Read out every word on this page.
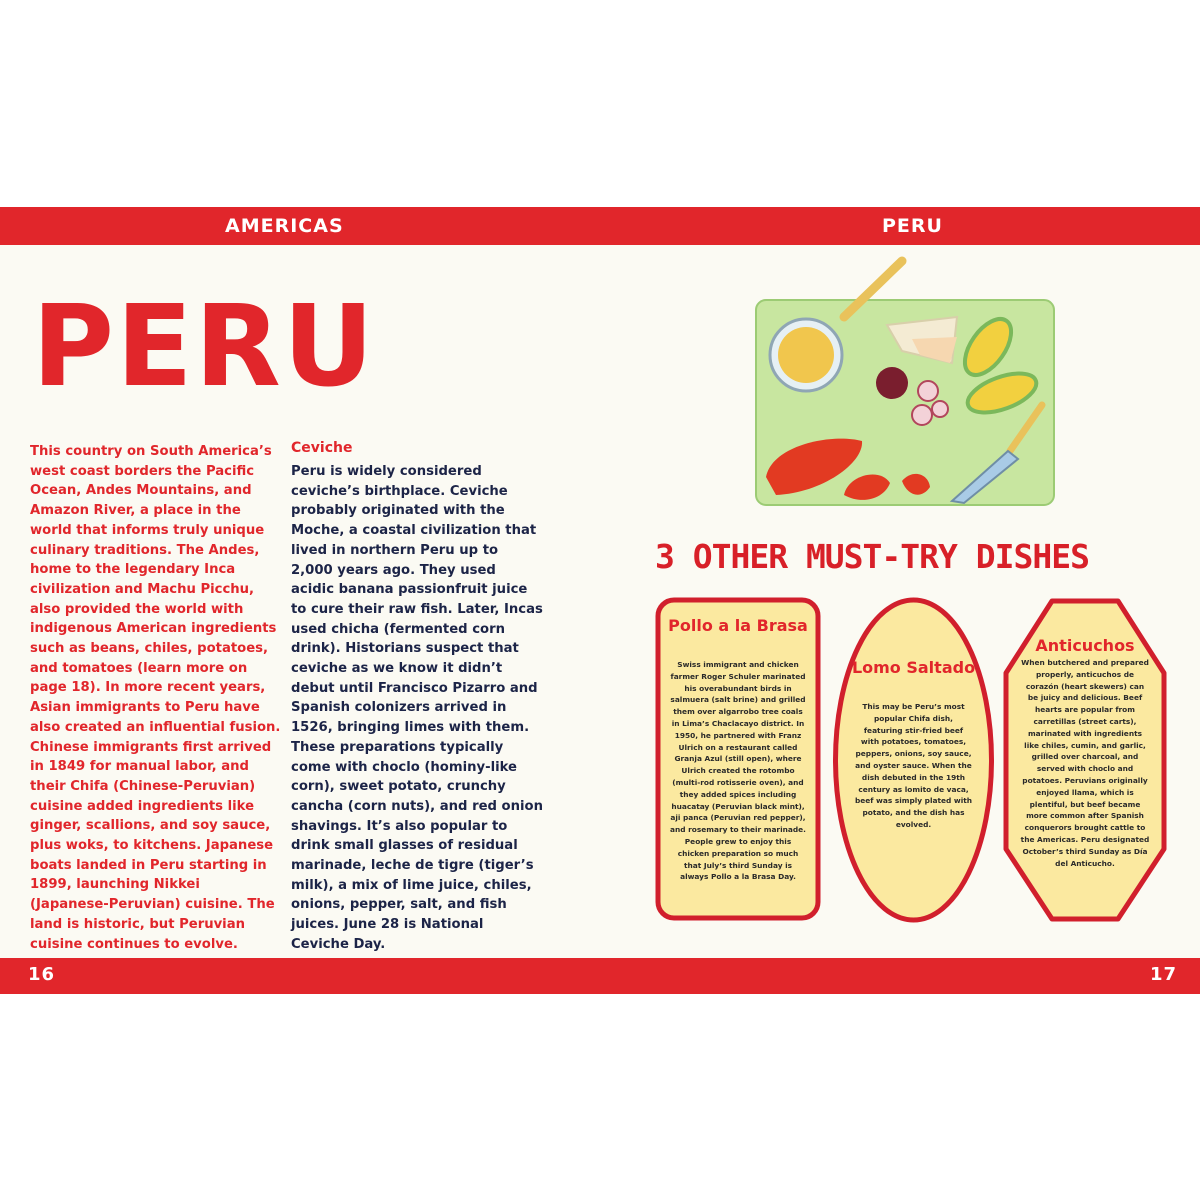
AMERICAS	PERU
PERU

This country on South America’s west coast borders the Pacific Ocean, Andes Mountains, and Amazon River, a place in the world that informs truly unique culinary traditions. The Andes, home to the legendary Inca civilization and Machu Picchu, also provided the world with indigenous American ingredients such as beans, chiles, potatoes, and tomatoes (learn more on page 18). In more recent years, Asian immigrants to Peru have also created an influential fusion. Chinese immigrants first arrived in 1849 for manual labor, and their Chifa (Chinese-Peruvian) cuisine added ingredients like ginger, scallions, and soy sauce, plus woks, to kitchens. Japanese boats landed in Peru starting in 1899, launching Nikkei (Japanese-Peruvian) cuisine. The land is historic, but Peruvian cuisine continues to evolve.

Ceviche

Peru is widely considered ceviche’s birthplace. Ceviche probably originated with the Moche, a coastal civilization that lived in northern Peru up to 2,000 years ago. They used acidic banana passionfruit juice to cure their raw fish. Later, Incas used chicha (fermented corn drink). Historians suspect that ceviche as we know it didn’t debut until Francisco Pizarro and Spanish colonizers arrived in 1526, bringing limes with them. These preparations typically come with choclo (hominy-like corn), sweet potato, crunchy cancha (corn nuts), and red onion shavings. It’s also popular to drink small glasses of residual marinade, leche de tigre (tiger’s milk), a mix of lime juice, chiles, onions, pepper, salt, and fish juices. June 28 is National Ceviche Day.

3 OTHER MUST-TRY DISHES
Pollo a la Brasa

Swiss immigrant and chicken farmer Roger Schuler marinated his overabundant birds in salmuera (salt brine) and grilled them over algarrobo tree coals in Lima’s Chaclacayo district. In 1950, he partnered with Franz Ulrich on a restaurant called Granja Azul (still open), where Ulrich created the rotombo (multi-rod rotisserie oven), and they added spices including huacatay (Peruvian black mint), aji panca (Peruvian red pepper), and rosemary to their marinade. People grew to enjoy this chicken preparation so much that July’s third Sunday is always Pollo a la Brasa Day.

Lomo Saltado

This may be Peru’s most popular Chifa dish, featuring stir-fried beef with potatoes, tomatoes, peppers, onions, soy sauce, and oyster sauce. When the dish debuted in the 19th century as lomito de vaca, beef was simply plated with potato, and the dish has evolved.

Anticuchos

When butchered and prepared properly, anticuchos de corazón (heart skewers) can be juicy and delicious. Beef hearts are popular from carretillas (street carts), marinated with ingredients like chiles, cumin, and garlic, grilled over charcoal, and served with choclo and potatoes. Peruvians originally enjoyed llama, which is plentiful, but beef became more common after Spanish conquerors brought cattle to the Americas. Peru designated October’s third Sunday as Día del Anticucho.

16	17
